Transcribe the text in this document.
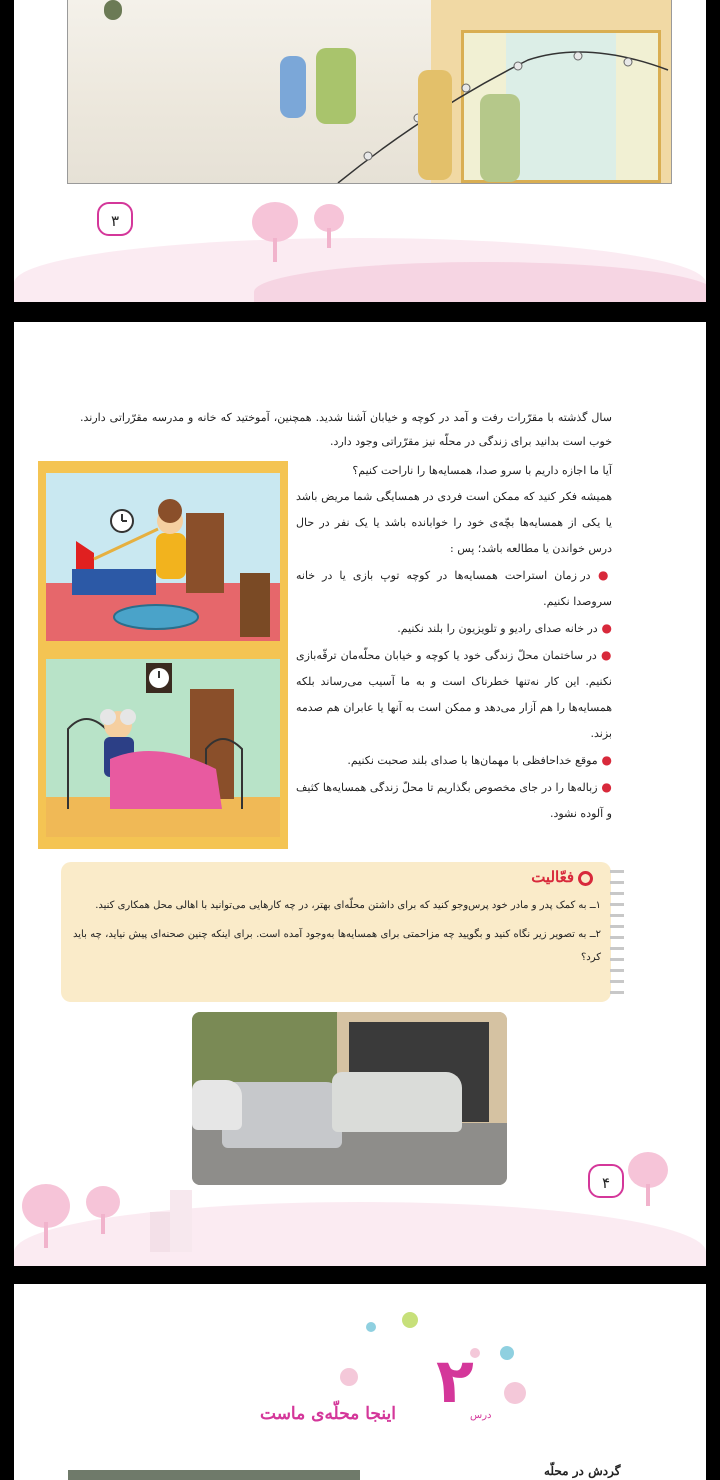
۳
سال گذشته با مقرّرات رفت و آمد در کوچه و خیابان آشنا شدید. همچنین، آموختید که خانه و مدرسه مقرّراتی دارند. خوب است بدانید برای زندگی در محلّه نیز مقرّراتی وجود دارد.

آیا ما اجازه داریم با سرو صدا، همسایه‌ها را ناراحت کنیم؟

همیشه فکر کنید که ممکن است فردی در همسایگی شما مریض باشد یا یکی از همسایه‌ها بچّه‌ی خود را خوابانده باشد یا یک نفر در حال درس خواندن یا مطالعه باشد؛ پس :

● در زمان استراحت همسایه‌ها در کوچه توپ بازی یا در خانه سروصدا نکنیم.

● در خانه صدای رادیو و تلویزیون را بلند نکنیم.

● در ساختمان محلّ زندگی خود یا کوچه و خیابان محلّه‌مان ترقّه‌بازی نکنیم. این کار نه‌تنها خطرناک است و به ما آسیب می‌رساند بلکه همسایه‌ها را هم آزار می‌دهد و ممکن است به آنها یا عابران هم صدمه بزند.

● موقع خداحافظی با مهمان‌ها با صدای بلند صحبت نکنیم.

● زباله‌ها را در جای مخصوص بگذاریم تا محلّ زندگی همسایه‌ها کثیف و آلوده نشود.

فعّالیت

۱ــ به کمک پدر و مادر خود پرس‌وجو کنید که برای داشتن محلّه‌ای بهتر، در چه کارهایی می‌توانید با اهالی محل همکاری کنید.

۲ــ به تصویر زیر نگاه کنید و بگویید چه مزاحمتی برای همسایه‌ها به‌وجود آمده است. برای اینکه چنین صحنه‌ای پیش نیاید، چه باید کرد؟

۴
۲
درس
اینجا محلّه‌ی ماست
گردش در محلّه
